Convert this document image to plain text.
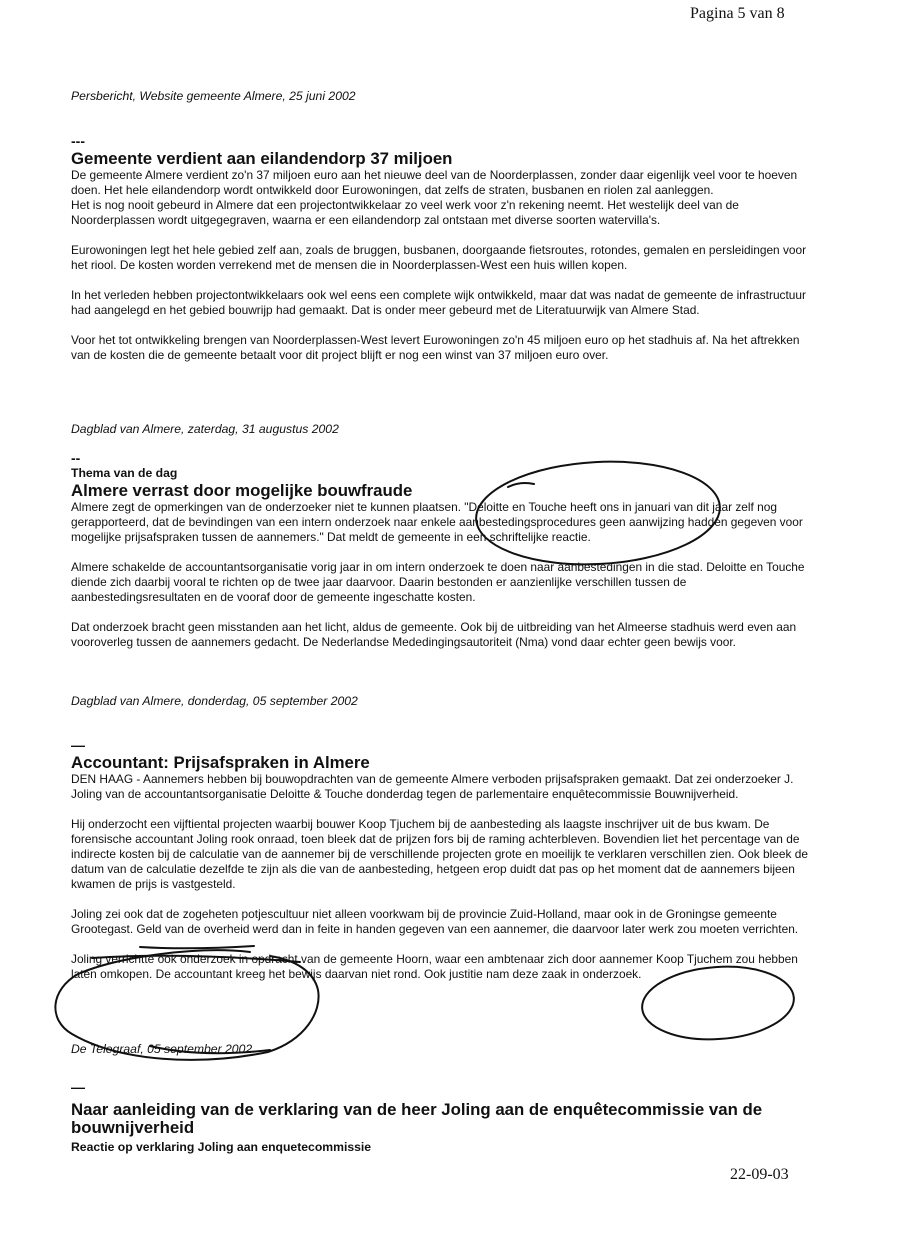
Pagina 5 van 8
Persbericht, Website gemeente Almere, 25 juni 2002
---
Gemeente verdient aan eilandendorp 37 miljoen

De gemeente Almere verdient zo'n 37 miljoen euro aan het nieuwe deel van de Noorderplassen, zonder daar eigenlijk veel voor te hoeven doen. Het hele eilandendorp wordt ontwikkeld door Eurowoningen, dat zelfs de straten, busbanen en riolen zal aanleggen.

Het is nog nooit gebeurd in Almere dat een projectontwikkelaar zo veel werk voor z'n rekening neemt. Het westelijk deel van de Noorderplassen wordt uitgegegraven, waarna er een eilandendorp zal ontstaan met diverse soorten watervilla's.

Eurowoningen legt het hele gebied zelf aan, zoals de bruggen, busbanen, doorgaande fietsroutes, rotondes, gemalen en persleidingen voor het riool. De kosten worden verrekend met de mensen die in Noorderplassen-West een huis willen kopen.

In het verleden hebben projectontwikkelaars ook wel eens een complete wijk ontwikkeld, maar dat was nadat de gemeente de infrastructuur had aangelegd en het gebied bouwrijp had gemaakt. Dat is onder meer gebeurd met de Literatuurwijk van Almere Stad.

Voor het tot ontwikkeling brengen van Noorderplassen-West levert Eurowoningen zo'n 45 miljoen euro op het stadhuis af. Na het aftrekken van de kosten die de gemeente betaalt voor dit project blijft er nog een winst van 37 miljoen euro over.

Dagblad van Almere, zaterdag, 31 augustus 2002
--
Thema van de dag
Almere verrast door mogelijke bouwfraude

Almere zegt de opmerkingen van de onderzoeker niet te kunnen plaatsen. "Deloitte en Touche heeft ons in januari van dit jaar zelf nog gerapporteerd, dat de bevindingen van een intern onderzoek naar enkele aanbestedingsprocedures geen aanwijzing hadden gegeven voor mogelijke prijsafspraken tussen de aannemers." Dat meldt de gemeente in een schriftelijke reactie.

Almere schakelde de accountantsorganisatie vorig jaar in om intern onderzoek te doen naar aanbestedingen in die stad. Deloitte en Touche diende zich daarbij vooral te richten op de twee jaar daarvoor. Daarin bestonden er aanzienlijke verschillen tussen de aanbestedingsresultaten en de vooraf door de gemeente ingeschatte kosten.

Dat onderzoek bracht geen misstanden aan het licht, aldus de gemeente. Ook bij de uitbreiding van het Almeerse stadhuis werd even aan vooroverleg tussen de aannemers gedacht. De Nederlandse Mededingingsautoriteit (Nma) vond daar echter geen bewijs voor.

Dagblad van Almere, donderdag, 05 september 2002
—
Accountant: Prijsafspraken in Almere

DEN HAAG - Aannemers hebben bij bouwopdrachten van de gemeente Almere verboden prijsafspraken gemaakt. Dat zei onderzoeker J. Joling van de accountantsorganisatie Deloitte & Touche donderdag tegen de parlementaire enquêtecommissie Bouwnijverheid.

Hij onderzocht een vijftiental projecten waarbij bouwer Koop Tjuchem bij de aanbesteding als laagste inschrijver uit de bus kwam. De forensische accountant Joling rook onraad, toen bleek dat de prijzen fors bij de raming achterbleven. Bovendien liet het percentage van de indirecte kosten bij de calculatie van de aannemer bij de verschillende projecten grote en moeilijk te verklaren verschillen zien. Ook bleek de datum van de calculatie dezelfde te zijn als die van de aanbesteding, hetgeen erop duidt dat pas op het moment dat de aannemers bijeen kwamen de prijs is vastgesteld.

Joling zei ook dat de zogeheten potjescultuur niet alleen voorkwam bij de provincie Zuid-Holland, maar ook in de Groningse gemeente Grootegast. Geld van de overheid werd dan in feite in handen gegeven van een aannemer, die daarvoor later werk zou moeten verrichten.

Joling verrichtte ook onderzoek in opdracht van de gemeente Hoorn, waar een ambtenaar zich door aannemer Koop Tjuchem zou hebben laten omkopen. De accountant kreeg het bewijs daarvan niet rond. Ook justitie nam deze zaak in onderzoek.

De Telegraaf, 05 september 2002
—
Naar aanleiding van de verklaring van de heer Joling aan de enquêtecommissie van de bouwnijverheid
Reactie op verklaring Joling aan enquetecommissie
22-09-03
